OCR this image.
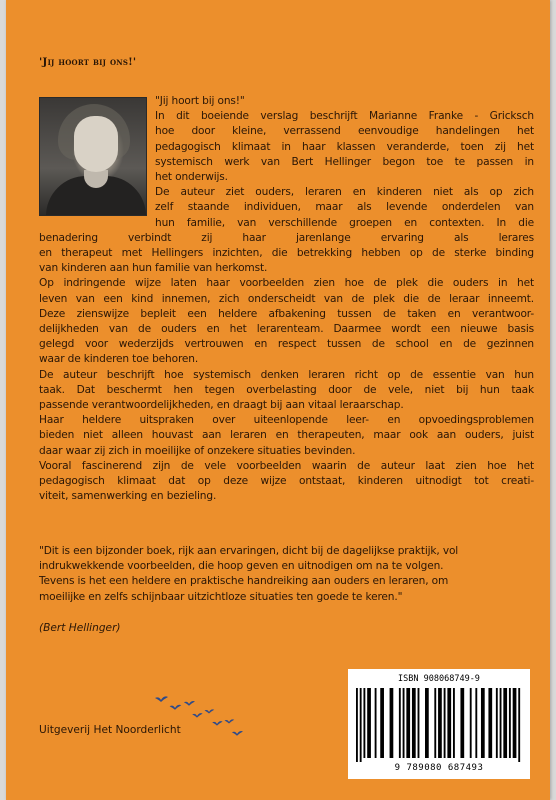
'Jij hoort bij ons!'

"Jij hoort bij ons!"

In dit boeiende verslag beschrijft Marianne Franke - Gricksch
hoe door kleine, verrassend eenvoudige handelingen het
pedagogisch klimaat in haar klassen veranderde, toen zij het
systemisch werk van Bert Hellinger begon toe te passen in
het onderwijs.

De auteur ziet ouders, leraren en kinderen niet als op zich
zelf staande individuen, maar als levende onderdelen van
hun familie, van verschillende groepen en contexten. In die

benadering verbindt zij haar jarenlange ervaring als lerares
en therapeut met Hellingers inzichten, die betrekking hebben op de sterke binding
van kinderen aan hun familie van herkomst.

Op indringende wijze laten haar voorbeelden zien hoe de plek die ouders in het
leven van een kind innemen, zich onderscheidt van de plek die de leraar inneemt.
Deze zienswijze bepleit een heldere afbakening tussen de taken en verantwoor-
delijkheden van de ouders en het lerarenteam. Daarmee wordt een nieuwe basis
gelegd voor wederzijds vertrouwen en respect tussen de school en de gezinnen
waar de kinderen toe behoren.

De auteur beschrijft hoe systemisch denken leraren richt op de essentie van hun
taak. Dat beschermt hen tegen overbelasting door de vele, niet bij hun taak
passende verantwoordelijkheden, en draagt bij aan vitaal leraarschap.

Haar heldere uitspraken over uiteenlopende leer- en opvoedingsproblemen
bieden niet alleen houvast aan leraren en therapeuten, maar ook aan ouders, juist
daar waar zij zich in moeilijke of onzekere situaties bevinden.

Vooral fascinerend zijn de vele voorbeelden waarin de auteur laat zien hoe het
pedagogisch klimaat dat op deze wijze ontstaat, kinderen uitnodigt tot creati-
viteit, samenwerking en bezieling.

"Dit is een bijzonder boek, rijk aan ervaringen, dicht bij de dagelijkse praktijk, vol
indrukwekkende voorbeelden, die hoop geven en uitnodigen om na te volgen.
Tevens is het een heldere en praktische handreiking aan ouders en leraren, om
moeilijke en zelfs schijnbaar uitzichtloze situaties ten goede te keren."
(Bert Hellinger)
Uitgeverij Het Noorderlicht
ISBN 908068749-9
9 789080 687493
